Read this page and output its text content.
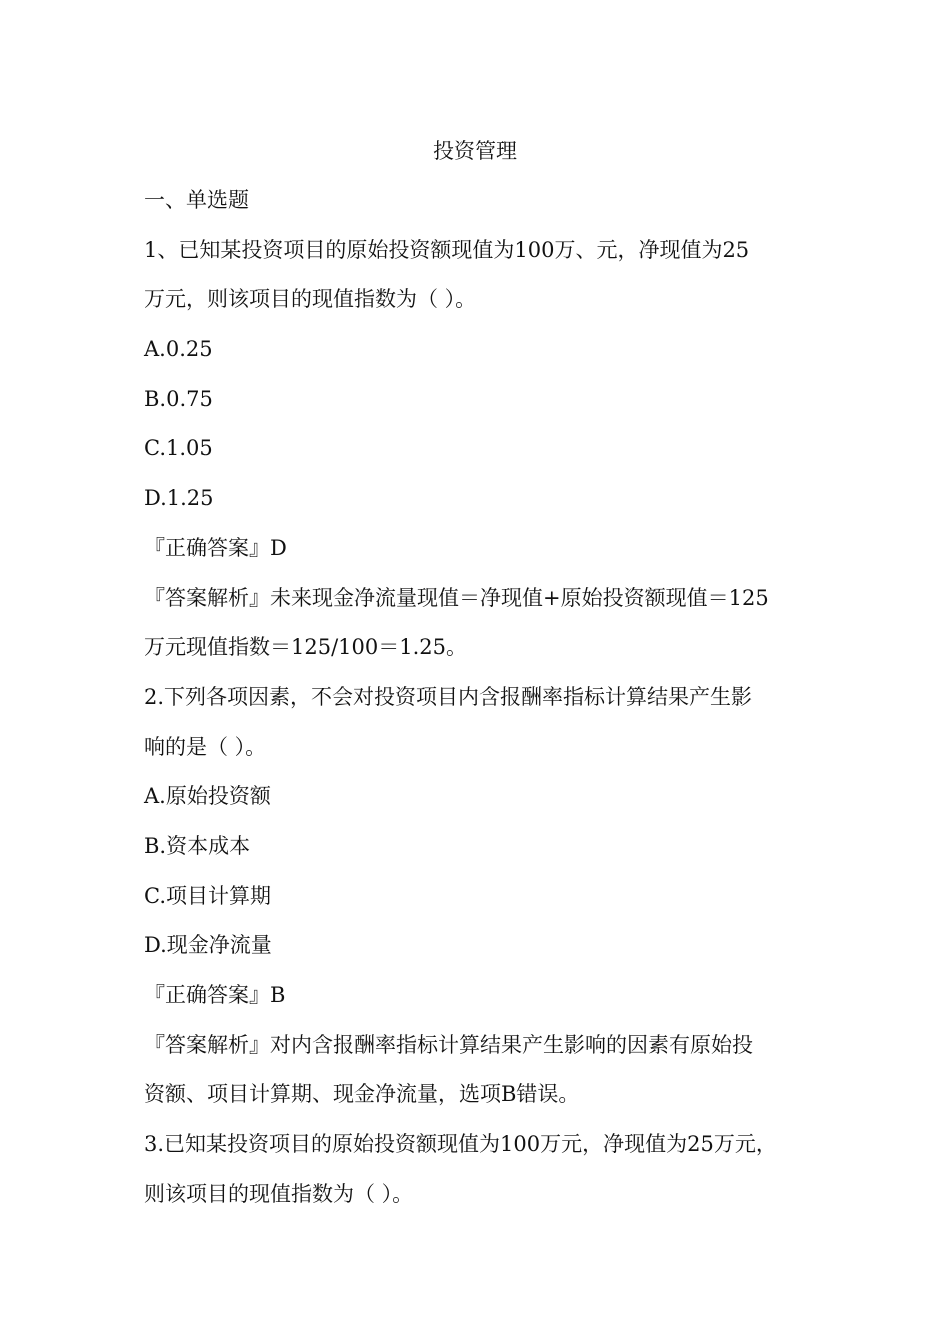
投资管理
一、单选题
1、已知某投资项目的原始投资额现值为100万、元，净现值为25
万元，则该项目的现值指数为（ ）。
A.0.25
B.0.75
C.1.05
D.1.25
『正确答案』D
『答案解析』未来现金净流量现值＝净现值+原始投资额现值＝125
万元现值指数＝125/100＝1.25。
2.下列各项因素，不会对投资项目内含报酬率指标计算结果产生影
响的是（ ）。
A.原始投资额
B.资本成本
C.项目计算期
D.现金净流量
『正确答案』B
『答案解析』对内含报酬率指标计算结果产生影响的因素有原始投
资额、项目计算期、现金净流量，选项B错误。
3.已知某投资项目的原始投资额现值为100万元，净现值为25万元，
则该项目的现值指数为（ ）。
